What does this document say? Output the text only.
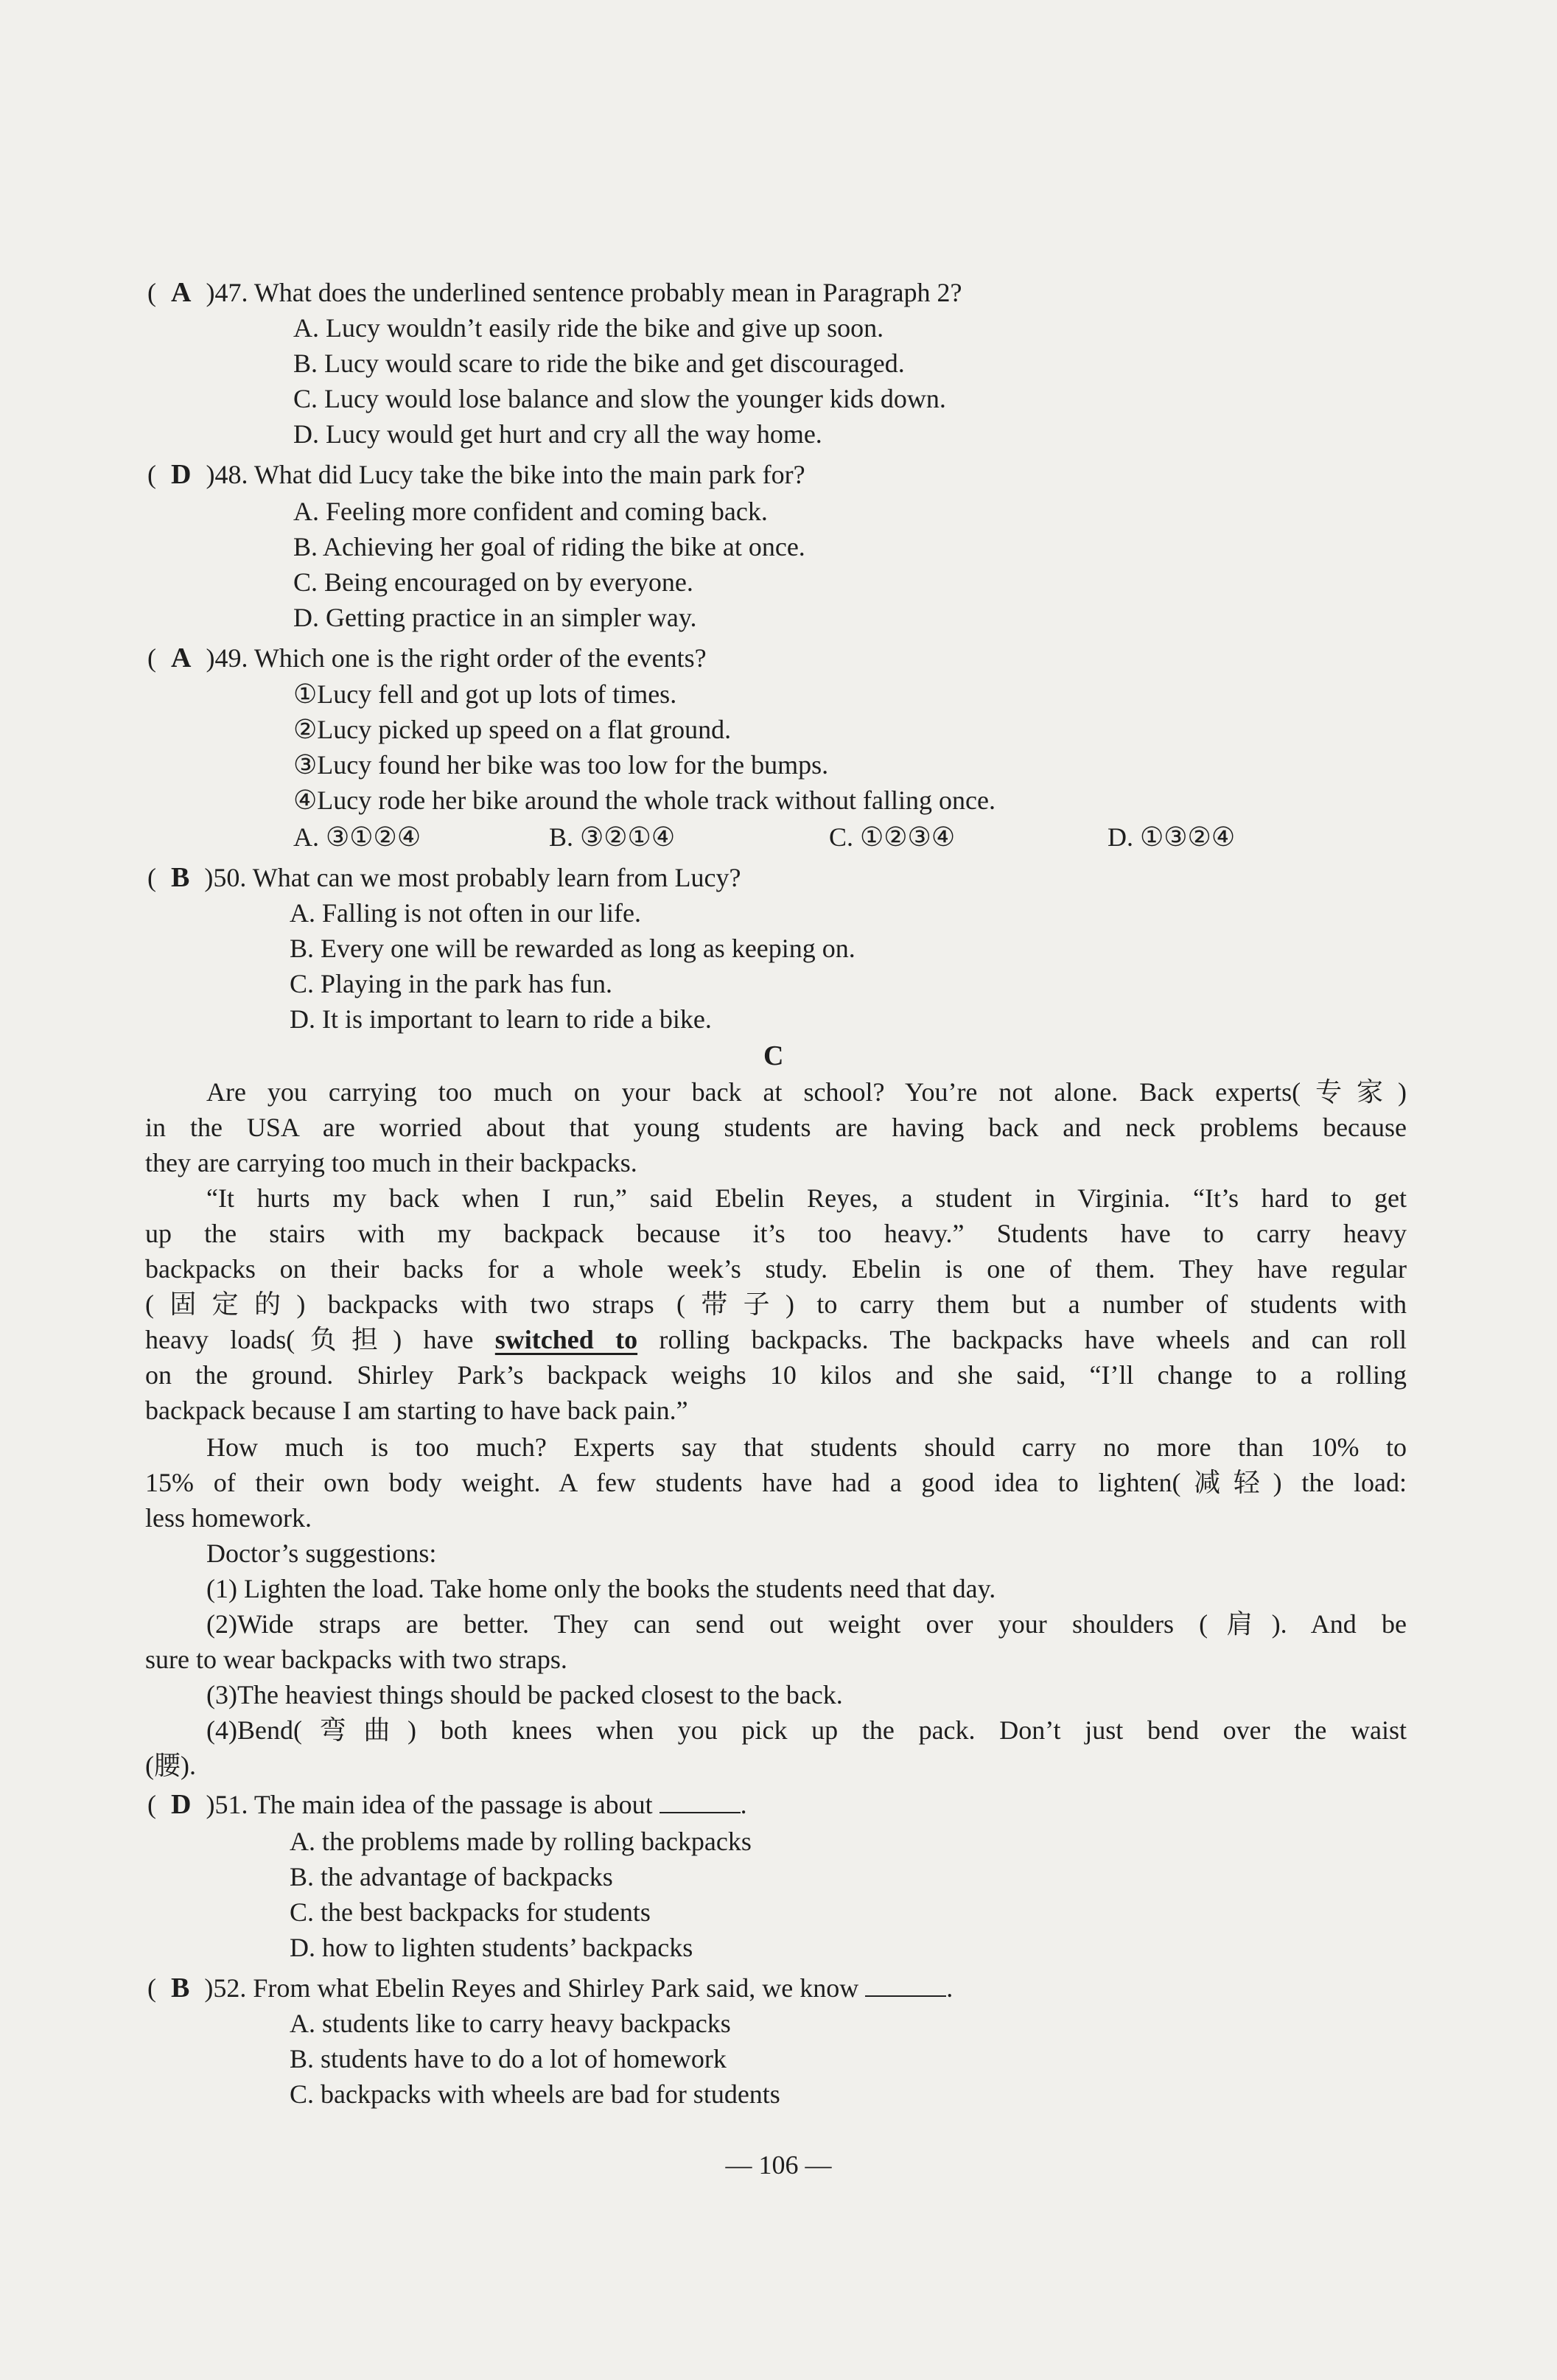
( A )47. What does the underlined sentence probably mean in Paragraph 2?
A. Lucy wouldn’t easily ride the bike and give up soon.
B. Lucy would scare to ride the bike and get discouraged.
C. Lucy would lose balance and slow the younger kids down.
D. Lucy would get hurt and cry all the way home.
( D )48. What did Lucy take the bike into the main park for?
A. Feeling more confident and coming back.
B. Achieving her goal of riding the bike at once.
C. Being encouraged on by everyone.
D. Getting practice in an simpler way.
( A )49. Which one is the right order of the events?
①Lucy fell and got up lots of times.
②Lucy picked up speed on a flat ground.
③Lucy found her bike was too low for the bumps.
④Lucy rode her bike around the whole track without falling once.
A. ③①②④	B. ③②①④	C. ①②③④	D. ①③②④
( B )50. What can we most probably learn from Lucy?
A. Falling is not often in our life.
B. Every one will be rewarded as long as keeping on.
C. Playing in the park has fun.
D. It is important to learn to ride a bike.
C
Are you carrying too much on your back at school? You’re not alone. Back experts(专家)
in the USA are worried about that young students are having back and neck problems because
they are carrying too much in their backpacks.
“It hurts my back when I run,” said Ebelin Reyes, a student in Virginia. “It’s hard to get
up the stairs with my backpack because it’s too heavy.” Students have to carry heavy
backpacks on their backs for a whole week’s study. Ebelin is one of them. They have regular
(固定的) backpacks with two straps (带子) to carry them but a number of students with
heavy loads(负担) have switched to rolling backpacks. The backpacks have wheels and can roll
on the ground. Shirley Park’s backpack weighs 10 kilos and she said, “I’ll change to a rolling
backpack because I am starting to have back pain.”
How much is too much? Experts say that students should carry no more than 10% to
15% of their own body weight. A few students have had a good idea to lighten(减轻) the load:
less homework.
Doctor’s suggestions:
(1) Lighten the load. Take home only the books the students need that day.
(2)Wide straps are better. They can send out weight over your shoulders (肩). And be
sure to wear backpacks with two straps.
(3)The heaviest things should be packed closest to the back.
(4)Bend(弯曲) both knees when you pick up the pack. Don’t just bend over the waist
(腰).
( D )51. The main idea of the passage is about	.
A. the problems made by rolling backpacks
B. the advantage of backpacks
C. the best backpacks for students
D. how to lighten students’ backpacks
( B )52. From what Ebelin Reyes and Shirley Park said, we know	.
A. students like to carry heavy backpacks
B. students have to do a lot of homework
C. backpacks with wheels are bad for students
— 106 —
